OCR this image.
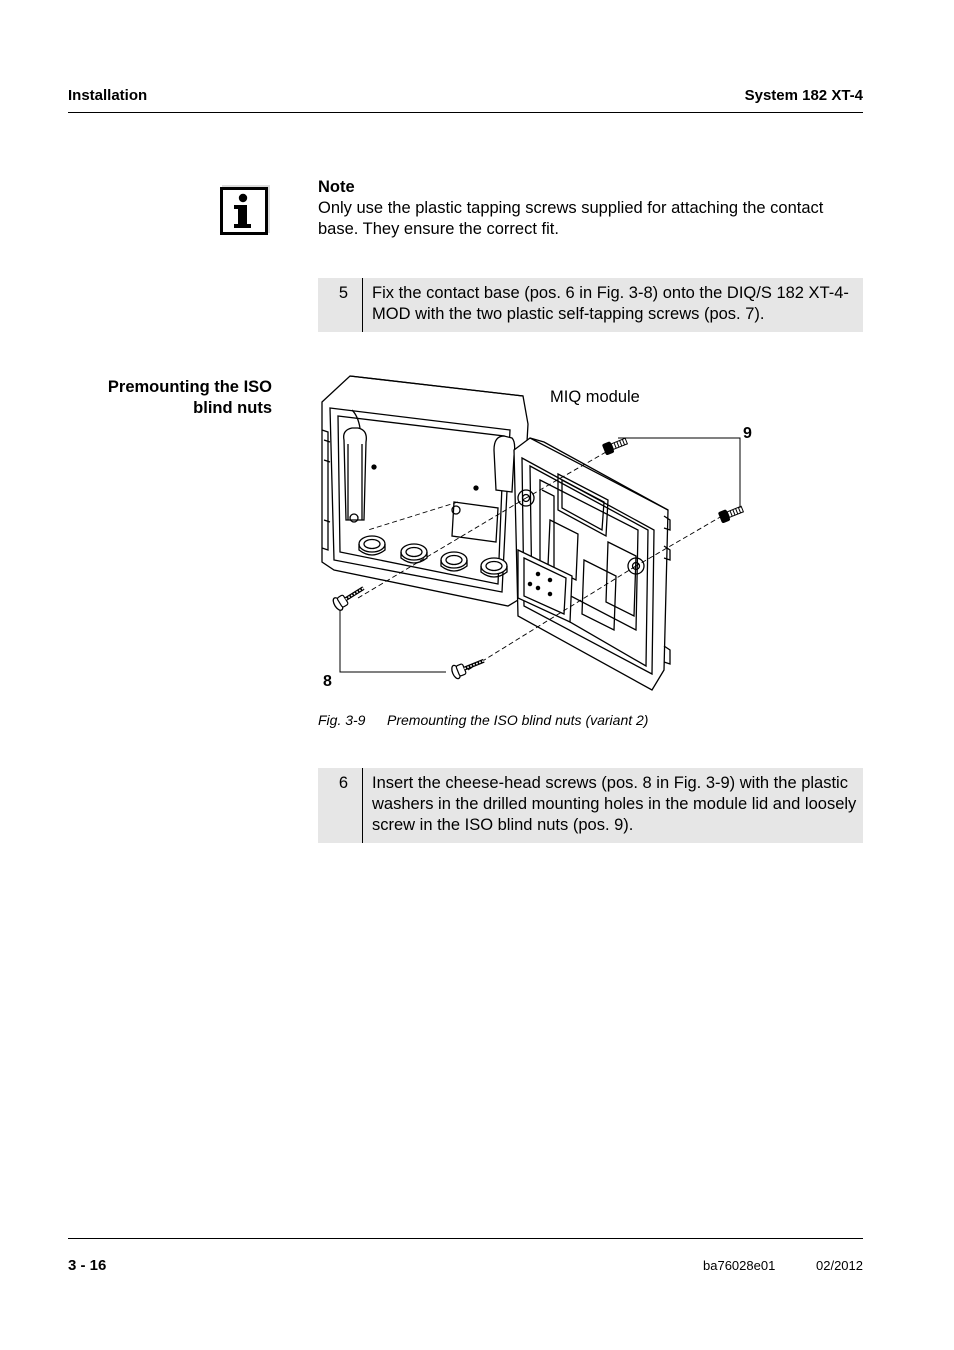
Installation	System 182 XT-4
Note
Only use the plastic tapping screws supplied for attaching the contact base. They ensure the correct fit.
5	Fix the contact base (pos. 6 in Fig. 3-8) onto the DIQ/S 182 XT-4-MOD with the two plastic self-tapping screws (pos. 7).
Premounting the ISO
blind nuts
MIQ module
9
8
Fig. 3-9 Premounting the ISO blind nuts (variant 2)
6	Insert the cheese-head screws (pos. 8 in Fig. 3-9) with the plastic washers in the drilled mounting holes in the module lid and loosely screw in the ISO blind nuts (pos. 9).
3 - 16	ba76028e01	02/2012
